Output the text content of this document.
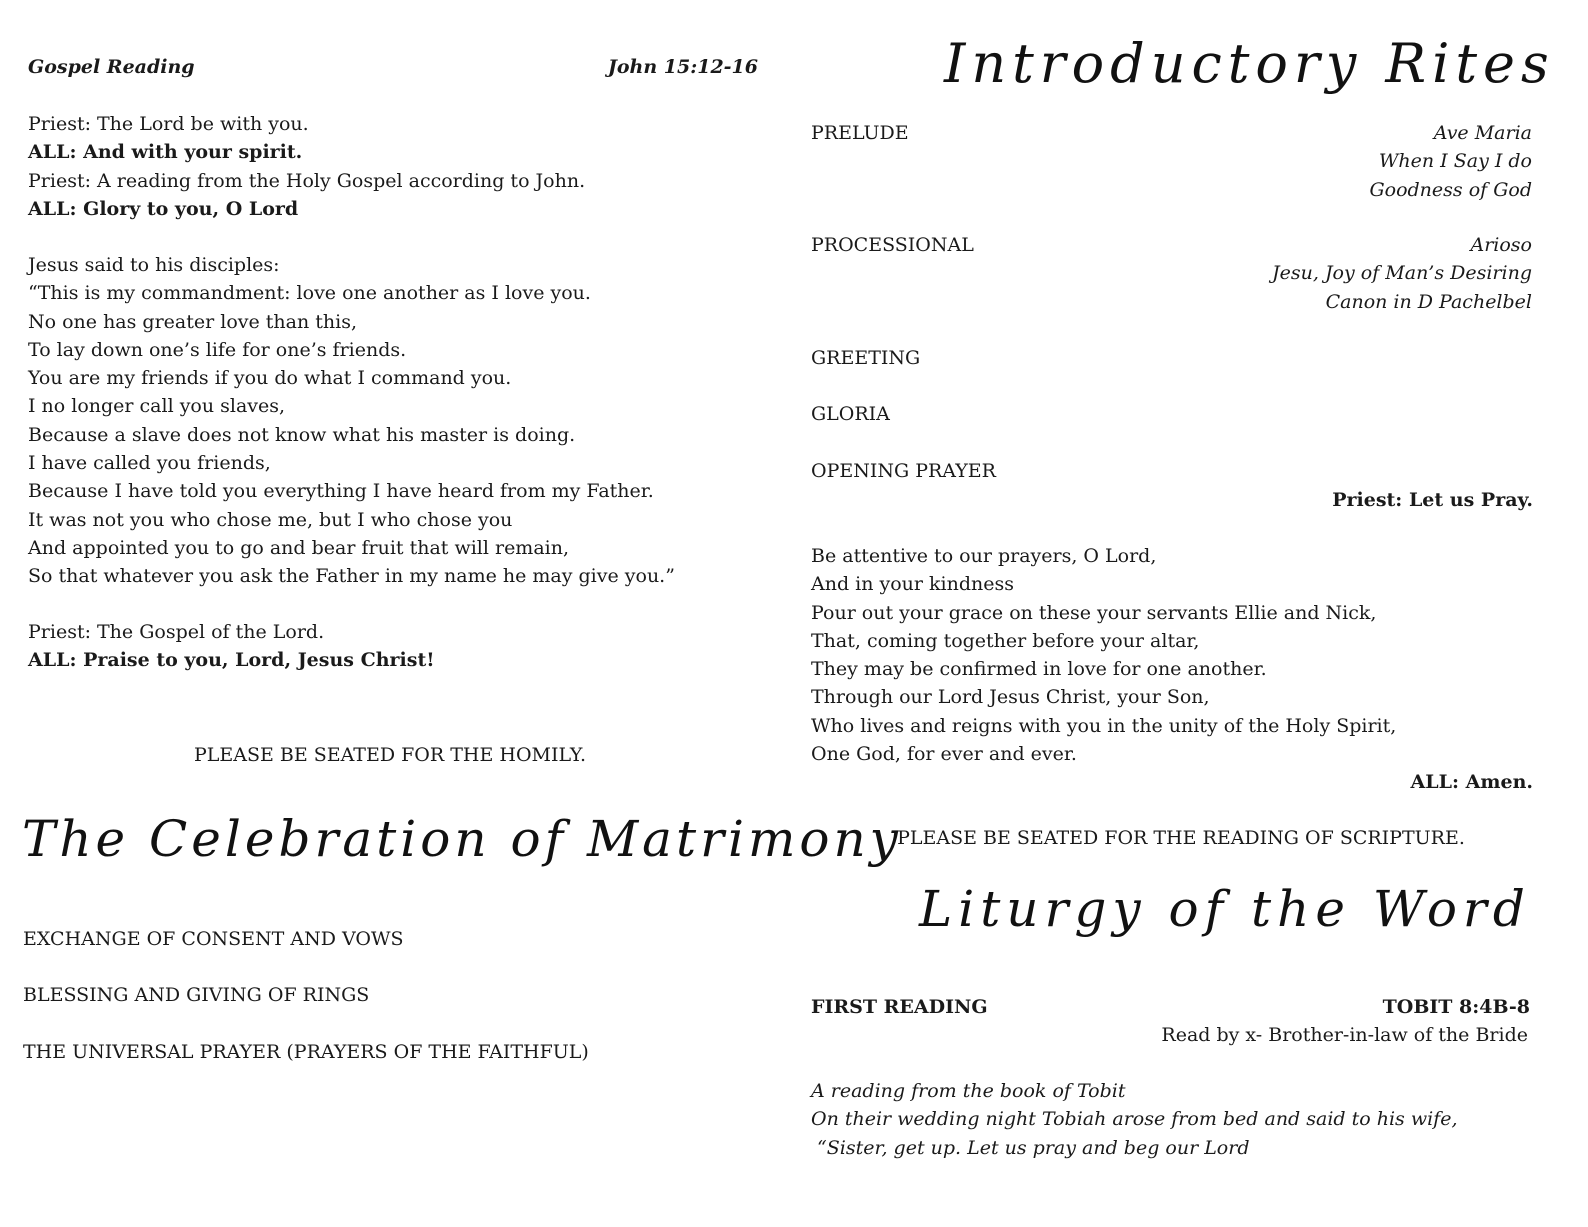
Gospel Reading	John 15:12-16
Priest: The Lord be with you.
ALL: And with your spirit.
Priest: A reading from the Holy Gospel according to John.
ALL: Glory to you, O Lord
Jesus said to his disciples:
“This is my commandment: love one another as I love you.
No one has greater love than this,
To lay down one’s life for one’s friends.
You are my friends if you do what I command you.
I no longer call you slaves,
Because a slave does not know what his master is doing.
I have called you friends,
Because I have told you everything I have heard from my Father.
It was not you who chose me, but I who chose you
And appointed you to go and bear fruit that will remain,
So that whatever you ask the Father in my name he may give you.”
Priest: The Gospel of the Lord.
ALL: Praise to you, Lord, Jesus Christ!
PLEASE BE SEATED FOR THE HOMILY.
The Celebration of Matrimony
EXCHANGE OF CONSENT AND VOWS
BLESSING AND GIVING OF RINGS
THE UNIVERSAL PRAYER (PRAYERS OF THE FAITHFUL)
Introductory Rites
PRELUDE	Ave Maria
When I Say I do
Goodness of God
PROCESSIONAL	Arioso
Jesu, Joy of Man’s Desiring
Canon in D Pachelbel
GREETING
GLORIA
OPENING PRAYER
Priest: Let us Pray.
Be attentive to our prayers, O Lord,
And in your kindness
Pour out your grace on these your servants Ellie and Nick,
That, coming together before your altar,
They may be confirmed in love for one another.
Through our Lord Jesus Christ, your Son,
Who lives and reigns with you in the unity of the Holy Spirit,
One God, for ever and ever.
ALL: Amen.
PLEASE BE SEATED FOR THE READING OF SCRIPTURE.
Liturgy of the Word
FIRST READING	TOBIT 8:4B-8
Read by x- Brother-in-law of the Bride
A reading from the book of Tobit
On their wedding night Tobiah arose from bed and said to his wife,
“Sister, get up. Let us pray and beg our Lord
